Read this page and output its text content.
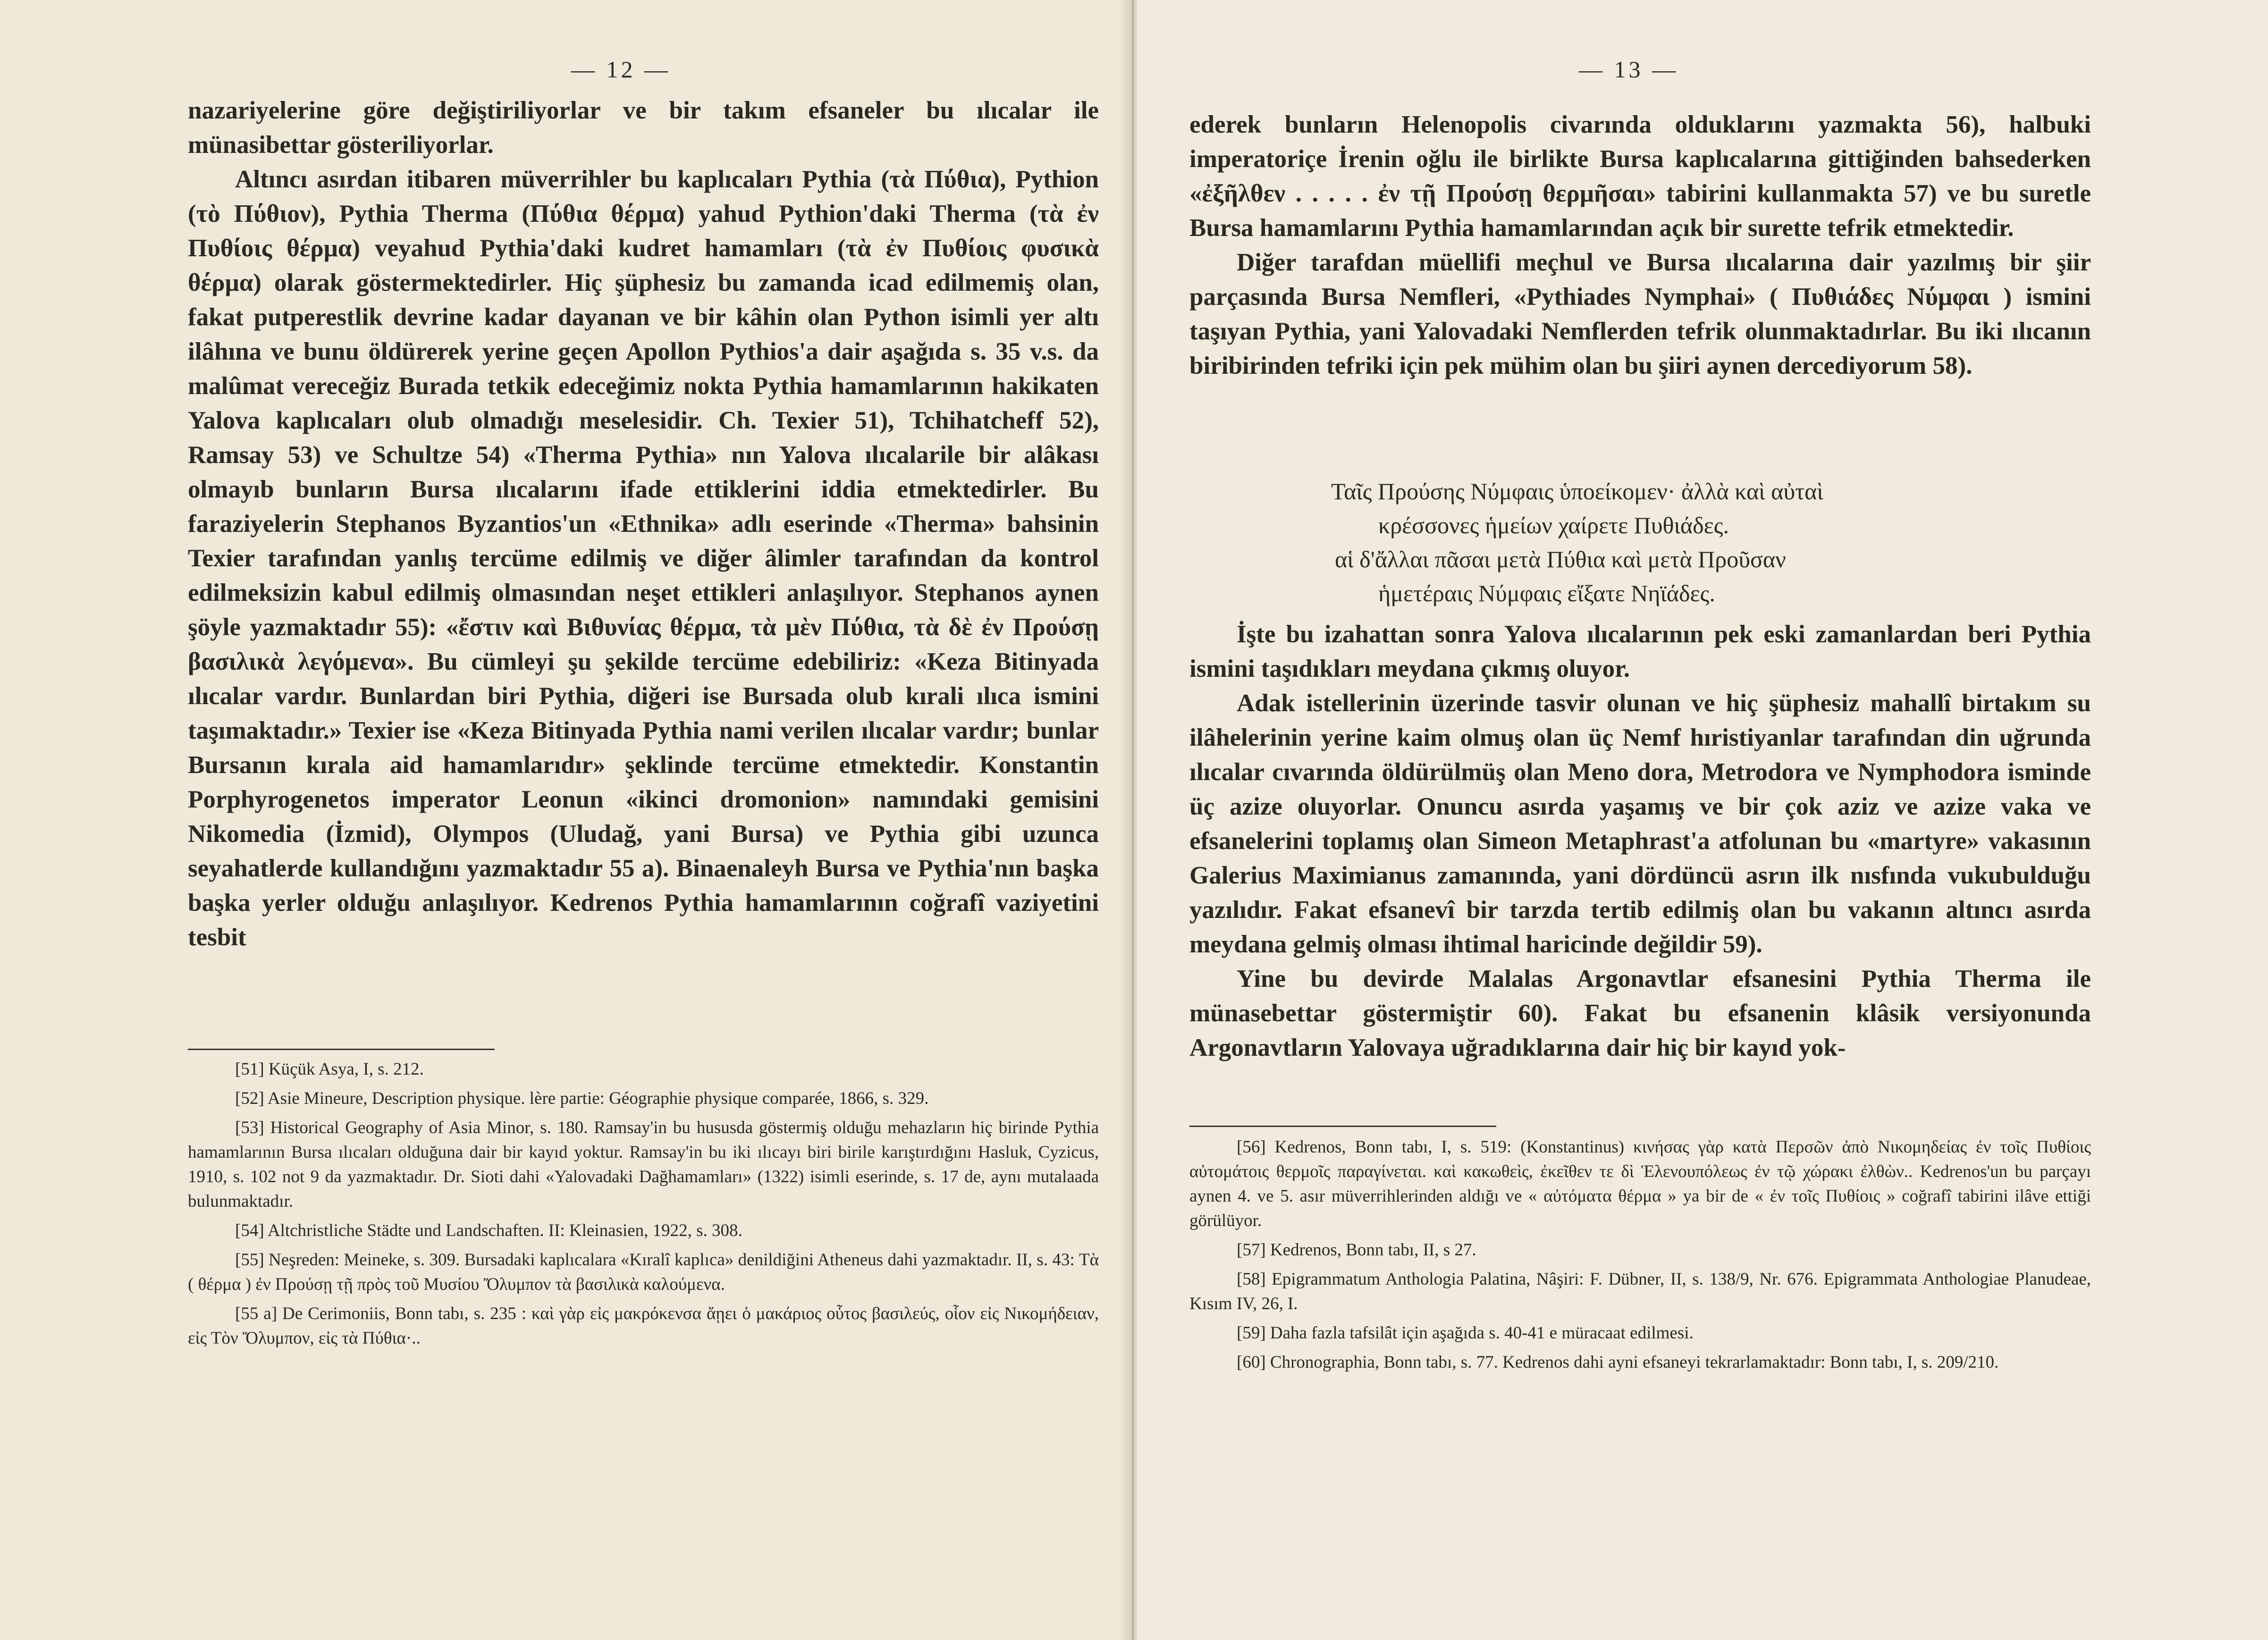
— 12 —

nazariyelerine göre değiştiriliyorlar ve bir takım efsaneler bu ılıcalar ile münasibettar gösteriliyorlar.

Altıncı asırdan itibaren müverrihler bu kaplıcaları Pythia (τὰ Πύθια), Pythion (τὸ Πύθιον), Pythia Therma (Πύθια θέρμα) yahud Pythion'daki Therma (τὰ ἐν Πυθίοις θέρμα) veyahud Pythia'daki kudret hamamları (τὰ ἐν Πυθίοις φυσικὰ θέρμα) olarak göstermektedirler. Hiç şüphesiz bu zamanda icad edilmemiş olan, fakat putperestlik devrine kadar dayanan ve bir kâhin olan Python isimli yer altı ilâhına ve bunu öldürerek yerine geçen Apollon Pythios'a dair aşağıda s. 35 v.s. da malûmat vereceğiz Burada tetkik edeceğimiz nokta Pythia hamamlarının hakikaten Yalova kaplıcaları olub olmadığı meselesidir. Ch. Texier 51), Tchihatcheff 52), Ramsay 53) ve Schultze 54) «Therma Pythia» nın Yalova ılıcalarile bir alâkası olmayıb bunların Bursa ılıcalarını ifade ettiklerini iddia etmektedirler. Bu faraziyelerin Stephanos Byzantios'un «Ethnika» adlı eserinde «Therma» bahsinin Texier tarafından yanlış tercüme edilmiş ve diğer âlimler tarafından da kontrol edilmeksizin kabul edilmiş olmasından neşet ettikleri anlaşılıyor. Stephanos aynen şöyle yazmaktadır 55): «ἔστιν καὶ Βιθυνίας θέρμα, τὰ μὲν Πύθια, τὰ δὲ ἐν Προύσῃ βασιλικὰ λεγόμενα». Bu cümleyi şu şekilde tercüme edebiliriz: «Keza Bitinyada ılıcalar vardır. Bunlardan biri Pythia, diğeri ise Bursada olub kırali ılıca ismini taşımaktadır.» Texier ise «Keza Bitinyada Pythia nami verilen ılıcalar vardır; bunlar Bursanın kırala aid hamamlarıdır» şeklinde tercüme etmektedir. Konstantin Porphyrogenetos imperator Leonun «ikinci dromonion» namındaki gemisini Nikomedia (İzmid), Olympos (Uludağ, yani Bursa) ve Pythia gibi uzunca seyahatlerde kullandığını yazmaktadır 55 a). Binaenaleyh Bursa ve Pythia'nın başka başka yerler olduğu anlaşılıyor. Kedrenos Pythia hamamlarının coğrafî vaziyetini tesbit

[51] Küçük Asya, I, s. 212.

[52] Asie Mineure, Description physique. lère partie: Géographie physique comparée, 1866, s. 329.

[53] Historical Geography of Asia Minor, s. 180. Ramsay'in bu hususda göstermiş olduğu mehazların hiç birinde Pythia hamamlarının Bursa ılıcaları olduğuna dair bir kayıd yoktur. Ramsay'in bu iki ılıcayı biri birile karıştırdığını Hasluk, Cyzicus, 1910, s. 102 not 9 da yazmaktadır. Dr. Sioti dahi «Yalovadaki Dağhamamları» (1322) isimli eserinde, s. 17 de, aynı mutalaada bulunmaktadır.

[54] Altchristliche Städte und Landschaften. II: Kleinasien, 1922, s. 308.

[55] Neşreden: Meineke, s. 309. Bursadaki kaplıcalara «Kıralî kaplıca» denildiğini Atheneus dahi yazmaktadır. II, s. 43: Τὰ ( θέρμα ) ἐν Προύσῃ τῇ πρὸς τοῦ Μυσίου Ὄλυμπον τὰ βασιλικὰ καλούμενα.

[55 a] De Cerimoniis, Bonn tabı, s. 235 : καὶ γὰρ εἰς μακρόκενσα ἄῃει ὁ μακάριος οὗτος βασιλεύς, οἷον εἰς Νικομήδειαν, εἰς Τὸν Ὄλυμπον, εἰς τὰ Πύθια·..

— 13 —

ederek bunların Helenopolis civarında olduklarını yazmakta 56), halbuki imperatoriçe İrenin oğlu ile birlikte Bursa kaplıcalarına gittiğinden bahsederken «ἐξῆλθεν . . . . . ἐν τῇ Προύσῃ θερμῆσαι» tabirini kullanmakta 57) ve bu suretle Bursa hamamlarını Pythia hamamlarından açık bir surette tefrik etmektedir.

Diğer tarafdan müellifi meçhul ve Bursa ılıcalarına dair yazılmış bir şiir parçasında Bursa Nemfleri, «Pythiades Nymphai» ( Πυθιάδες Νύμφαι ) ismini taşıyan Pythia, yani Yalovadaki Nemflerden tefrik olunmaktadırlar. Bu iki ılıcanın biribirinden tefriki için pek mühim olan bu şiiri aynen dercediyorum 58).

Ταῖς Προύσης Νύμφαις ὑποείκομεν· ἀλλὰ καὶ αὐταὶ
κρέσσονες ἡμείων χαίρετε Πυθιάδες.
αἱ δ'ἄλλαι πᾶσαι μετὰ Πύθια καὶ μετὰ Προῦσαν
ἡμετέραις Νύμφαις εἴξατε Νηϊάδες.

İşte bu izahattan sonra Yalova ılıcalarının pek eski zamanlardan beri Pythia ismini taşıdıkları meydana çıkmış oluyor.

Adak istellerinin üzerinde tasvir olunan ve hiç şüphesiz mahallî birtakım su ilâhelerinin yerine kaim olmuş olan üç Nemf hıristiyanlar tarafından din uğrunda ılıcalar cıvarında öldürülmüş olan Meno dora, Metrodora ve Nymphodora isminde üç azize oluyorlar. Onuncu asırda yaşamış ve bir çok aziz ve azize vaka ve efsanelerini toplamış olan Simeon Metaphrast'a atfolunan bu «martyre» vakasının Galerius Maximianus zamanında, yani dördüncü asrın ilk nısfında vukubulduğu yazılıdır. Fakat efsanevî bir tarzda tertib edilmiş olan bu vakanın altıncı asırda meydana gelmiş olması ihtimal haricinde değildir 59).

Yine bu devirde Malalas Argonavtlar efsanesini Pythia Therma ile münasebettar göstermiştir 60). Fakat bu efsanenin klâsik versiyonunda Argonavtların Yalovaya uğradıklarına dair hiç bir kayıd yok-

[56] Kedrenos, Bonn tabı, I, s. 519: (Konstantinus) κινήσας γὰρ κατὰ Περσῶν ἀπὸ Νικομηδείας ἐν τοῖς Πυθίοις αὐτομάτοις θερμοῖς παραγίνεται. καὶ κακωθεὶς, ἐκεῖθεν τε δὶ Ἑλενουπόλεως ἐν τῷ χώρακι ἐλθὼν.. Kedrenos'un bu parçayı aynen 4. ve 5. asır müverrihlerinden aldığı ve « αὐτόματα θέρμα » ya bir de « ἐν τοῖς Πυθίοις » coğrafî tabirini ilâve ettiği görülüyor.

[57] Kedrenos, Bonn tabı, II, s 27.

[58] Epigrammatum Anthologia Palatina, Nâşiri: F. Dübner, II, s. 138/9, Nr. 676. Epigrammata Anthologiae Planudeae, Kısım IV, 26, I.

[59] Daha fazla tafsilât için aşağıda s. 40-41 e müracaat edilmesi.

[60] Chronographia, Bonn tabı, s. 77. Kedrenos dahi ayni efsaneyi tekrarlamaktadır: Bonn tabı, I, s. 209/210.
